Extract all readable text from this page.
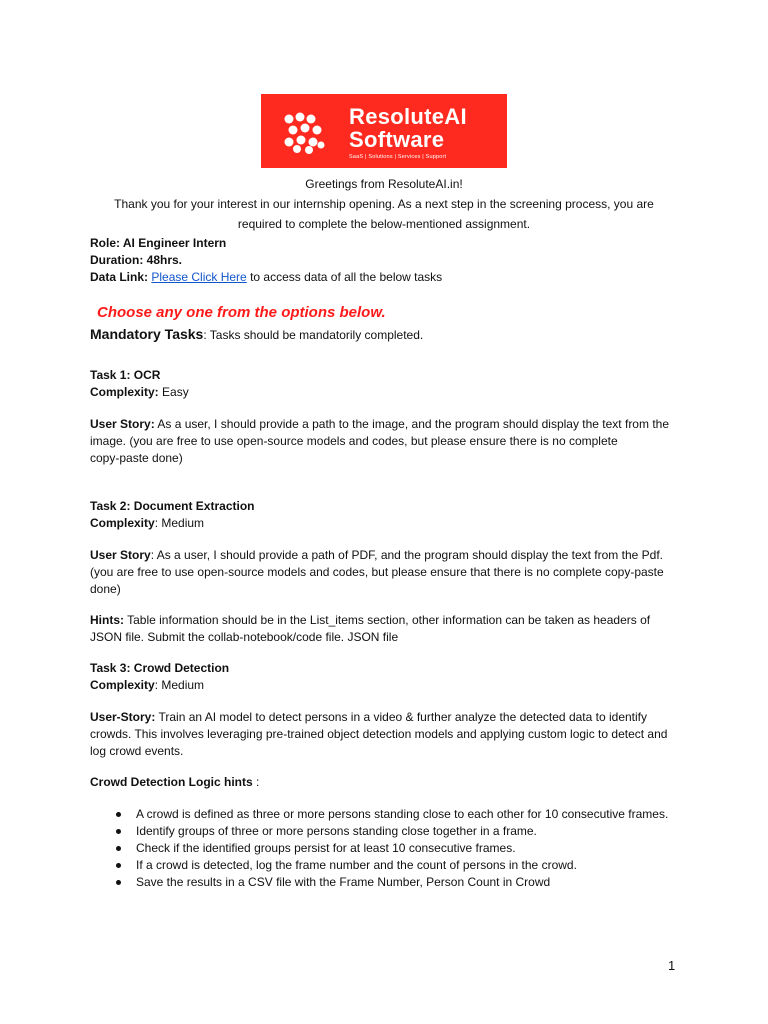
ResoluteAI
Software
SaaS | Solutions | Services | Support
Greetings from ResoluteAI.in!
Thank you for your interest in our internship opening. As a next step in the screening process, you are
required to complete the below-mentioned assignment.
Role: AI Engineer Intern
Duration: 48hrs.
Data Link: Please Click Here to access data of all the below tasks
Choose any one from the options below.
Mandatory Tasks: Tasks should be mandatorily completed.
Task 1: OCR
Complexity: Easy
User Story: As a user, I should provide a path to the image, and the program should display the text from the
image. (you are free to use open-source models and codes, but please ensure there is no complete
copy-paste done)
Task 2: Document Extraction
Complexity: Medium
User Story: As a user, I should provide a path of PDF, and the program should display the text from the Pdf.
(you are free to use open-source models and codes, but please ensure that there is no complete copy-paste
done)
Hints: Table information should be in the List_items section, other information can be taken as headers of
JSON file. Submit the collab-notebook/code file. JSON file
Task 3: Crowd Detection
Complexity: Medium
User-Story: Train an AI model to detect persons in a video & further analyze the detected data to identify
crowds. This involves leveraging pre-trained object detection models and applying custom logic to detect and
log crowd events.
Crowd Detection Logic hints :
A crowd is defined as three or more persons standing close to each other for 10 consecutive frames.
Identify groups of three or more persons standing close together in a frame.
Check if the identified groups persist for at least 10 consecutive frames.
If a crowd is detected, log the frame number and the count of persons in the crowd.
Save the results in a CSV file with the Frame Number, Person Count in Crowd
1
